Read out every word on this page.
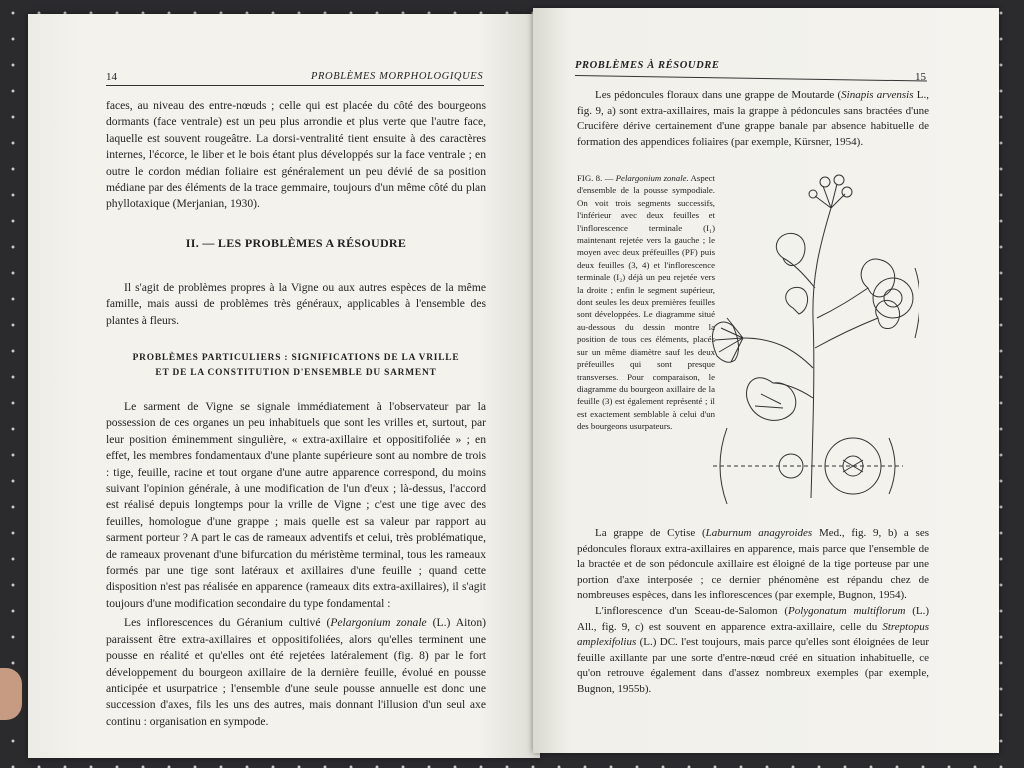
14	PROBLÈMES MORPHOLOGIQUES

faces, au niveau des entre-nœuds ; celle qui est placée du côté des bourgeons dormants (face ventrale) est un peu plus arrondie et plus verte que l'autre face, laquelle est souvent rougeâtre. La dorsi-ventralité tient ensuite à des caractères internes, l'écorce, le liber et le bois étant plus développés sur la face ventrale ; en outre le cordon médian foliaire est généralement un peu dévié de sa position médiane par des éléments de la trace gemmaire, toujours d'un même côté du plan phyllotaxique (Merjanian, 1930).

II. — LES PROBLÈMES A RÉSOUDRE

Il s'agit de problèmes propres à la Vigne ou aux autres espèces de la même famille, mais aussi de problèmes très généraux, applicables à l'ensemble des plantes à fleurs.

PROBLÈMES PARTICULIERS : SIGNIFICATIONS DE LA VRILLE
ET DE LA CONSTITUTION D'ENSEMBLE DU SARMENT

Le sarment de Vigne se signale immédiatement à l'observateur par la possession de ces organes un peu inhabituels que sont les vrilles et, surtout, par leur position éminemment singulière, « extra-axillaire et oppositifoliée » ; en effet, les membres fondamentaux d'une plante supérieure sont au nombre de trois : tige, feuille, racine et tout organe d'une autre apparence correspond, du moins suivant l'opinion générale, à une modification de l'un d'eux ; là-dessus, l'accord est réalisé depuis longtemps pour la vrille de Vigne ; c'est une tige avec des feuilles, homologue d'une grappe ; mais quelle est sa valeur par rapport au sarment porteur ? A part le cas de rameaux adventifs et celui, très problématique, de rameaux provenant d'une bifurcation du méristème terminal, tous les rameaux formés par une tige sont latéraux et axillaires d'une feuille ; quand cette disposition n'est pas réalisée en apparence (rameaux dits extra-axillaires), il s'agit toujours d'une modification secondaire du type fondamental :

Les inflorescences du Géranium cultivé (Pelargonium zonale (L.) Aiton) paraissent être extra-axillaires et oppositifoliées, alors qu'elles terminent une pousse en réalité et qu'elles ont été rejetées latéralement (fig. 8) par le fort développement du bourgeon axillaire de la dernière feuille, évolué en pousse anticipée et usurpatrice ; l'ensemble d'une seule pousse annuelle est donc une succession d'axes, fils les uns des autres, mais donnant l'illusion d'un seul axe continu : organisation en sympode.

PROBLÈMES À RÉSOUDRE
15

Les pédoncules floraux dans une grappe de Moutarde (Sinapis arvensis L., fig. 9, a) sont extra-axillaires, mais la grappe à pédoncules sans bractées d'une Crucifère dérive certainement d'une grappe banale par absence habituelle de formation des appendices foliaires (par exemple, Kürsner, 1954).

FIG. 8. — Pelargonium zonale. Aspect d'ensemble de la pousse sympodiale. On voit trois segments successifs, l'inférieur avec deux feuilles et l'inflorescence terminale (I₁) maintenant rejetée vers la gauche ; le moyen avec deux préfeuilles (PF) puis deux feuilles (3, 4) et l'inflorescence terminale (I₂) déjà un peu rejetée vers la droite ; enfin le segment supérieur, dont seules les deux premières feuilles sont développées. Le diagramme situé au-dessous du dessin montre la position de tous ces éléments, placés sur un même diamètre sauf les deux préfeuilles qui sont presque transverses. Pour comparaison, le diagramme du bourgeon axillaire de la feuille (3) est également représenté ; il est exactement semblable à celui d'un des bourgeons usurpateurs.

La grappe de Cytise (Laburnum anagyroides Med., fig. 9, b) a ses pédoncules floraux extra-axillaires en apparence, mais parce que l'ensemble de la bractée et de son pédoncule axillaire est éloigné de la tige porteuse par une portion d'axe interposée ; ce dernier phénomène est répandu chez de nombreuses espèces, dans les inflorescences (par exemple, Bugnon, 1954).

L'inflorescence d'un Sceau-de-Salomon (Polygonatum multiflorum (L.) All., fig. 9, c) est souvent en apparence extra-axillaire, celle du Streptopus amplexifolius (L.) DC. l'est toujours, mais parce qu'elles sont éloignées de leur feuille axillante par une sorte d'entre-nœud créé en situation inhabituelle, ce qu'on retrouve également dans d'assez nombreux exemples (par exemple, Bugnon, 1955b).
